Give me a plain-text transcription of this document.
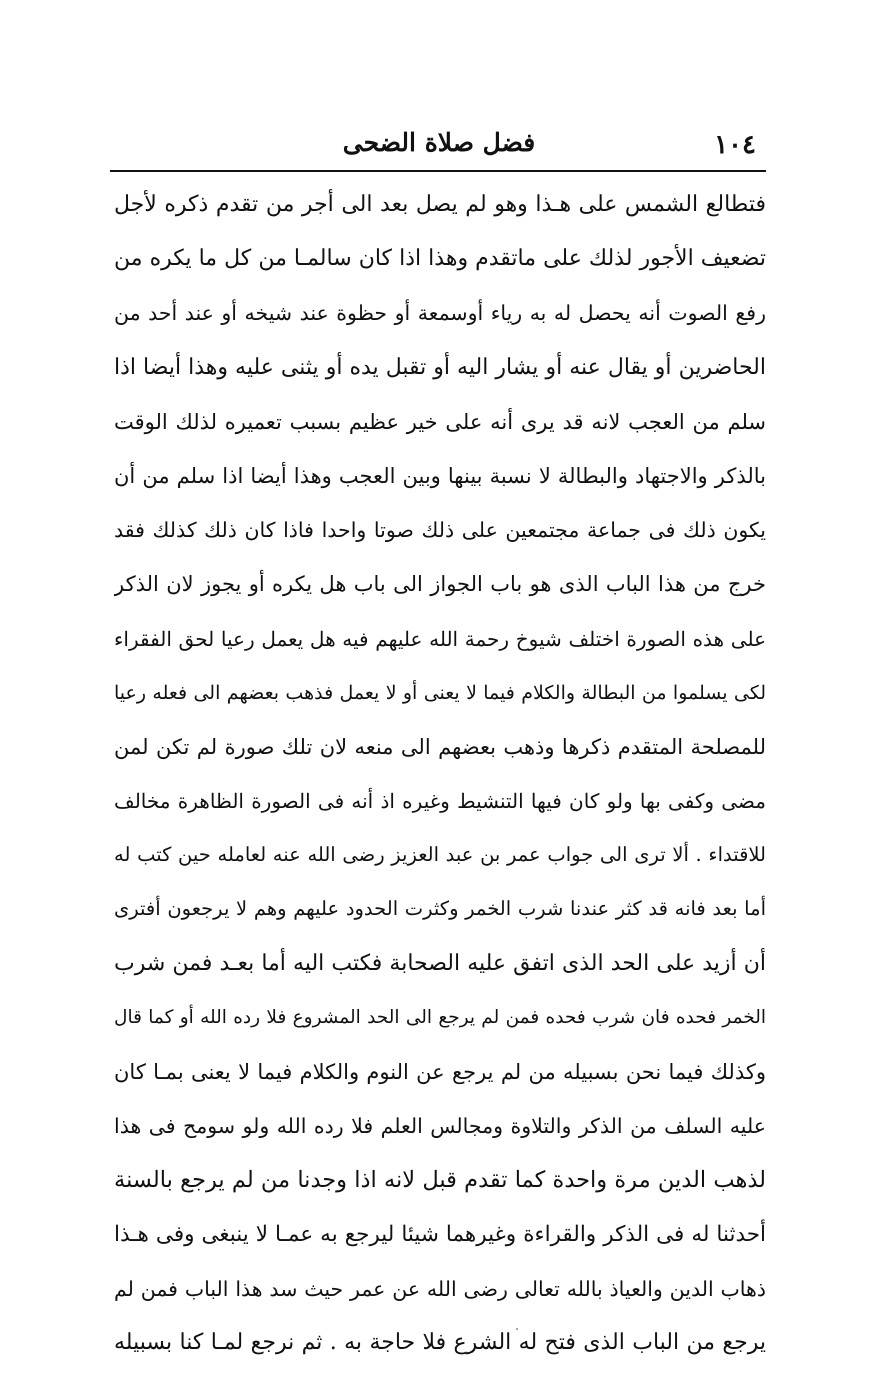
١٠٤
فضل صلاة الضحى
فتطالع الشمس على هـذا وهو لم يصل بعد الى أجر من تقدم ذكره لأجل
تضعيف الأجور لذلك على ماتقدم وهذا اذا كان سالمـا من كل ما يكره من
رفع الصوت أنه يحصل له به رياء أوسمعة أو حظوة عند شيخه أو عند أحد من
الحاضرين أو يقال عنه أو يشار اليه أو تقبل يده أو يثنى عليه وهذا أيضا اذا
سلم من العجب لانه قد يرى أنه على خير عظيم بسبب تعميره لذلك الوقت
بالذكر والاجتهاد والبطالة لا نسبة بينها وبين العجب وهذا أيضا اذا سلم من أن
يكون ذلك فى جماعة مجتمعين على ذلك صوتا واحدا فاذا كان ذلك كذلك فقد
خرج من هذا الباب الذى هو باب الجواز الى باب هل يكره أو يجوز لان الذكر
على هذه الصورة اختلف شيوخ رحمة الله عليهم فيه هل يعمل رعيا لحق الفقراء
لكى يسلموا من البطالة والكلام فيما لا يعنى أو لا يعمل فذهب بعضهم الى فعله رعيا
للمصلحة المتقدم ذكرها وذهب بعضهم الى منعه لان تلك صورة لم تكن لمن
مضى وكفى بها ولو كان فيها التنشيط وغيره اذ أنه فى الصورة الظاهرة مخالف
للاقتداء . ألا ترى الى جواب عمر بن عبد العزيز رضى الله عنه لعامله حين كتب له
أما بعد فانه قد كثر عندنا شرب الخمر وكثرت الحدود عليهم وهم لا يرجعون أفترى
أن أزيد على الحد الذى اتفق عليه الصحابة فكتب اليه أما بعـد فمن شرب
الخمر فحده فان شرب فحده فمن لم يرجع الى الحد المشروع فلا رده الله أو كما قال
وكذلك فيما نحن بسبيله من لم يرجع عن النوم والكلام فيما لا يعنى بمـا كان
عليه السلف من الذكر والتلاوة ومجالس العلم فلا رده الله ولو سومح فى هذا
لذهب الدين مرة واحدة كما تقدم قبل لانه اذا وجدنا من لم يرجع بالسنة
أحدثنا له فى الذكر والقراءة وغيرهما شيئا ليرجع به عمـا لا ينبغى وفى هـذا
ذهاب الدين والعياذ بالله تعالى رضى الله عن عمر حيث سد هذا الباب فمن لم
يرجع من الباب الذى فتح له الشرع فلا حاجة به . ثم نرجع لمـا كنا بسبيله
